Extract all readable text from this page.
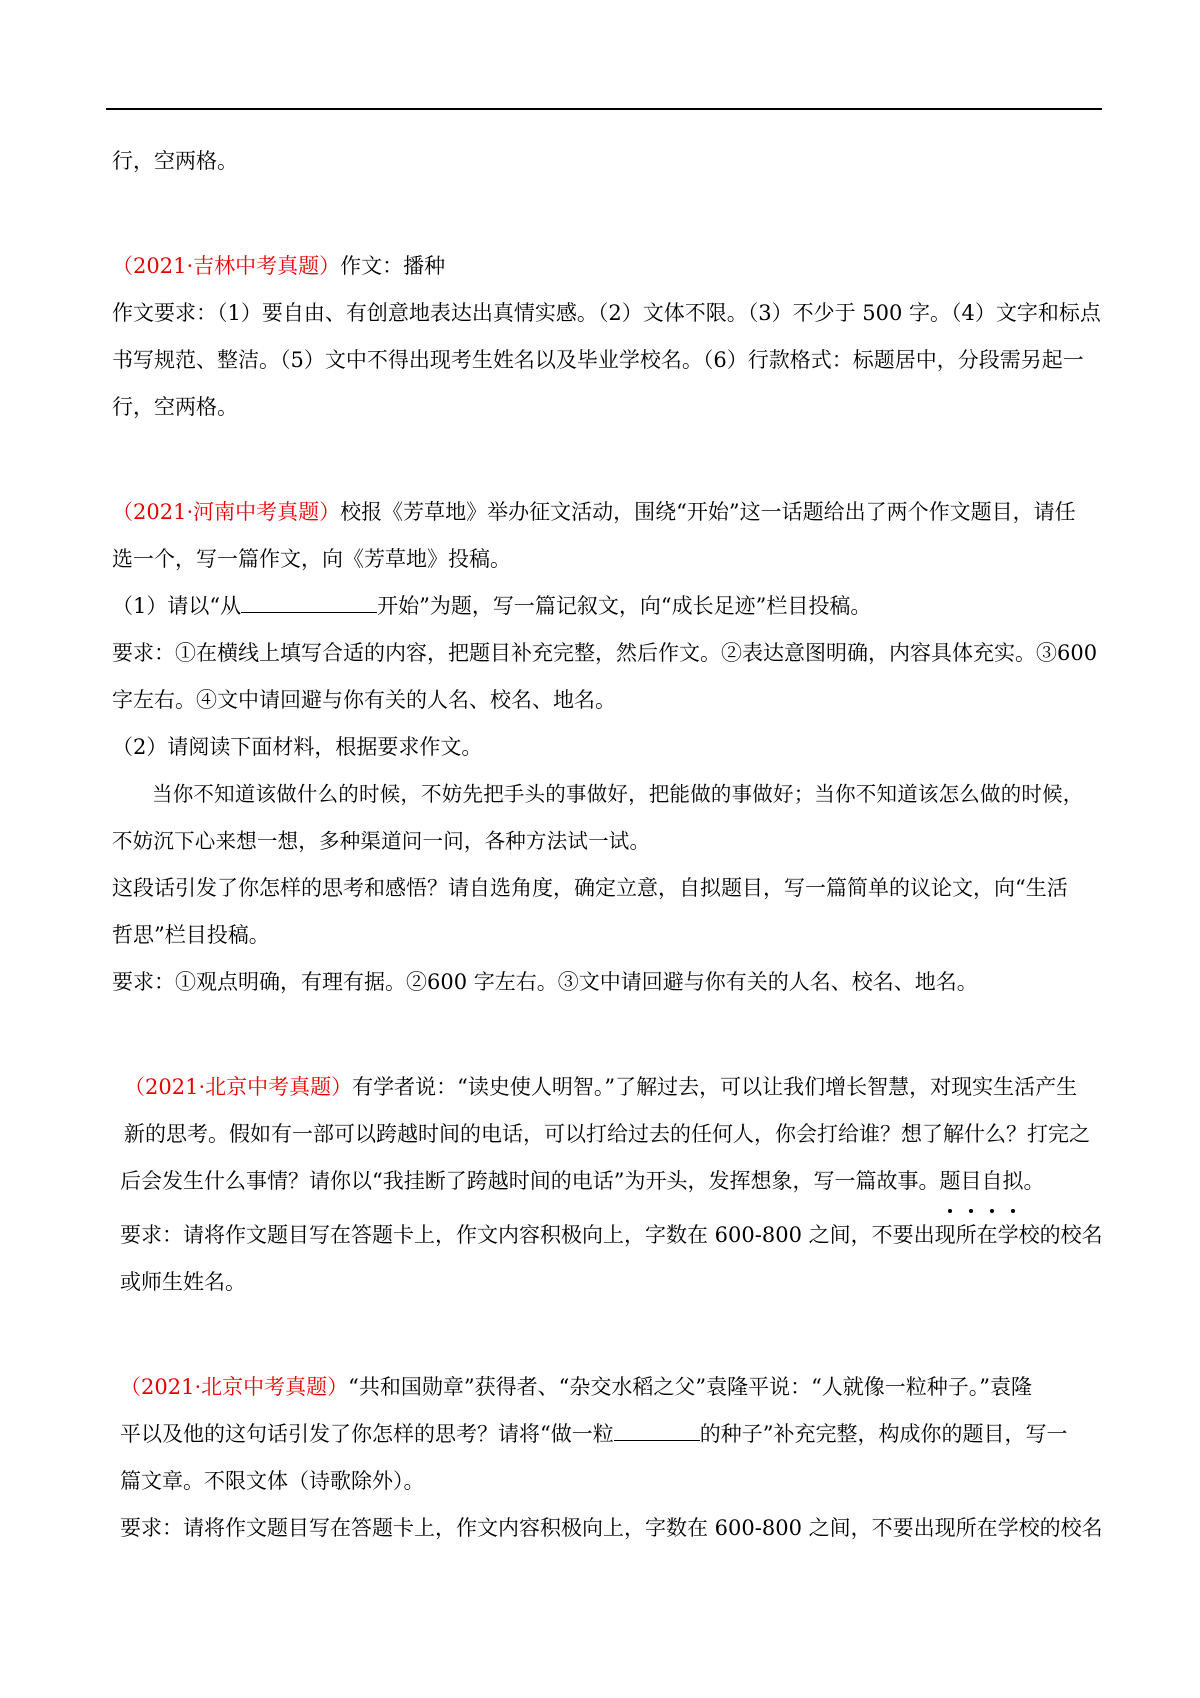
行，空两格。
（2021·吉林中考真题）作文：播种
作文要求：（1）要自由、有创意地表达出真情实感。（2）文体不限。（3）不少于 500 字。（4）文字和标点
书写规范、整洁。（5）文中不得出现考生姓名以及毕业学校名。（6）行款格式：标题居中，分段需另起一
行，空两格。
（2021·河南中考真题）校报《芳草地》举办征文活动，围绕“开始”这一话题给出了两个作文题目，请任
选一个，写一篇作文，向《芳草地》投稿。
（1）请以“从	开始”为题，写一篇记叙文，向“成长足迹”栏目投稿。
要求：①在横线上填写合适的内容，把题目补充完整，然后作文。②表达意图明确，内容具体充实。③600
字左右。④文中请回避与你有关的人名、校名、地名。
（2）请阅读下面材料，根据要求作文。
当你不知道该做什么的时候，不妨先把手头的事做好，把能做的事做好；当你不知道该怎么做的时候，
不妨沉下心来想一想，多种渠道问一问，各种方法试一试。
这段话引发了你怎样的思考和感悟？请自选角度，确定立意，自拟题目，写一篇简单的议论文，向“生活
哲思”栏目投稿。
要求：①观点明确，有理有据。②600 字左右。③文中请回避与你有关的人名、校名、地名。
（2021·北京中考真题）有学者说：“读史使人明智。”了解过去，可以让我们增长智慧，对现实生活产生
新的思考。假如有一部可以跨越时间的电话，可以打给过去的任何人，你会打给谁？想了解什么？打完之
后会发生什么事情？请你以“我挂断了跨越时间的电话”为开头，发挥想象，写一篇故事。题目自拟。
要求：请将作文题目写在答题卡上，作文内容积极向上，字数在 600-800 之间，不要出现所在学校的校名
或师生姓名。
（2021·北京中考真题）“共和国勋章”获得者、“杂交水稻之父”袁隆平说：“人就像一粒种子。”袁隆
平以及他的这句话引发了你怎样的思考？请将“做一粒	的种子”补充完整，构成你的题目，写一
篇文章。不限文体（诗歌除外）。
要求：请将作文题目写在答题卡上，作文内容积极向上，字数在 600-800 之间，不要出现所在学校的校名
